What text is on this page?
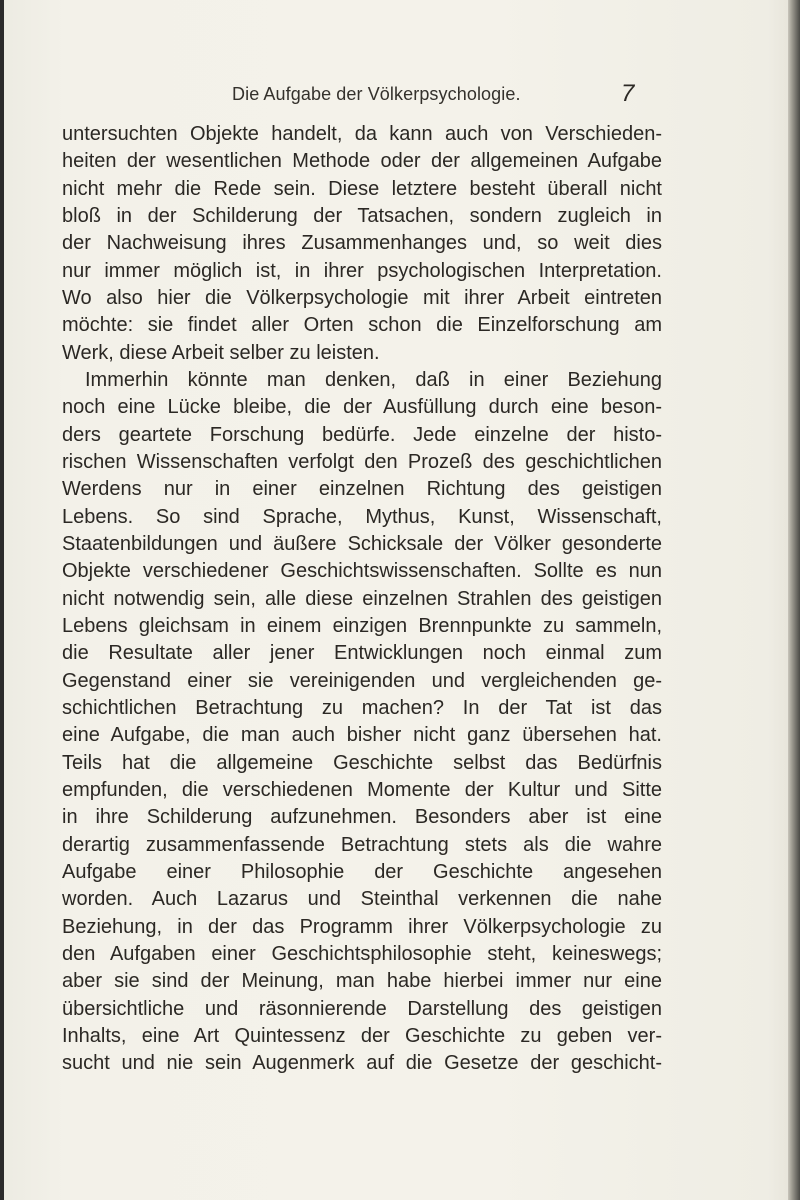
Die Aufgabe der Völkerpsychologie.	7
untersuchten Objekte handelt, da kann auch von Verschieden-
heiten der wesentlichen Methode oder der allgemeinen Aufgabe
nicht mehr die Rede sein. Diese letztere besteht überall nicht
bloß in der Schilderung der Tatsachen, sondern zugleich in
der Nachweisung ihres Zusammenhanges und, so weit dies
nur immer möglich ist, in ihrer psychologischen Interpretation.
Wo also hier die Völkerpsychologie mit ihrer Arbeit eintreten
möchte: sie findet aller Orten schon die Einzelforschung am
Werk, diese Arbeit selber zu leisten.
Immerhin könnte man denken, daß in einer Beziehung
noch eine Lücke bleibe, die der Ausfüllung durch eine beson-
ders geartete Forschung bedürfe. Jede einzelne der histo-
rischen Wissenschaften verfolgt den Prozeß des geschichtlichen
Werdens nur in einer einzelnen Richtung des geistigen
Lebens. So sind Sprache, Mythus, Kunst, Wissenschaft,
Staatenbildungen und äußere Schicksale der Völker gesonderte
Objekte verschiedener Geschichtswissenschaften. Sollte es nun
nicht notwendig sein, alle diese einzelnen Strahlen des geistigen
Lebens gleichsam in einem einzigen Brennpunkte zu sammeln,
die Resultate aller jener Entwicklungen noch einmal zum
Gegenstand einer sie vereinigenden und vergleichenden ge-
schichtlichen Betrachtung zu machen? In der Tat ist das
eine Aufgabe, die man auch bisher nicht ganz übersehen hat.
Teils hat die allgemeine Geschichte selbst das Bedürfnis
empfunden, die verschiedenen Momente der Kultur und Sitte
in ihre Schilderung aufzunehmen. Besonders aber ist eine
derartig zusammenfassende Betrachtung stets als die wahre
Aufgabe einer Philosophie der Geschichte angesehen
worden. Auch Lazarus und Steinthal verkennen die nahe
Beziehung, in der das Programm ihrer Völkerpsychologie zu
den Aufgaben einer Geschichtsphilosophie steht, keineswegs;
aber sie sind der Meinung, man habe hierbei immer nur eine
übersichtliche und räsonnierende Darstellung des geistigen
Inhalts, eine Art Quintessenz der Geschichte zu geben ver-
sucht und nie sein Augenmerk auf die Gesetze der geschicht-
